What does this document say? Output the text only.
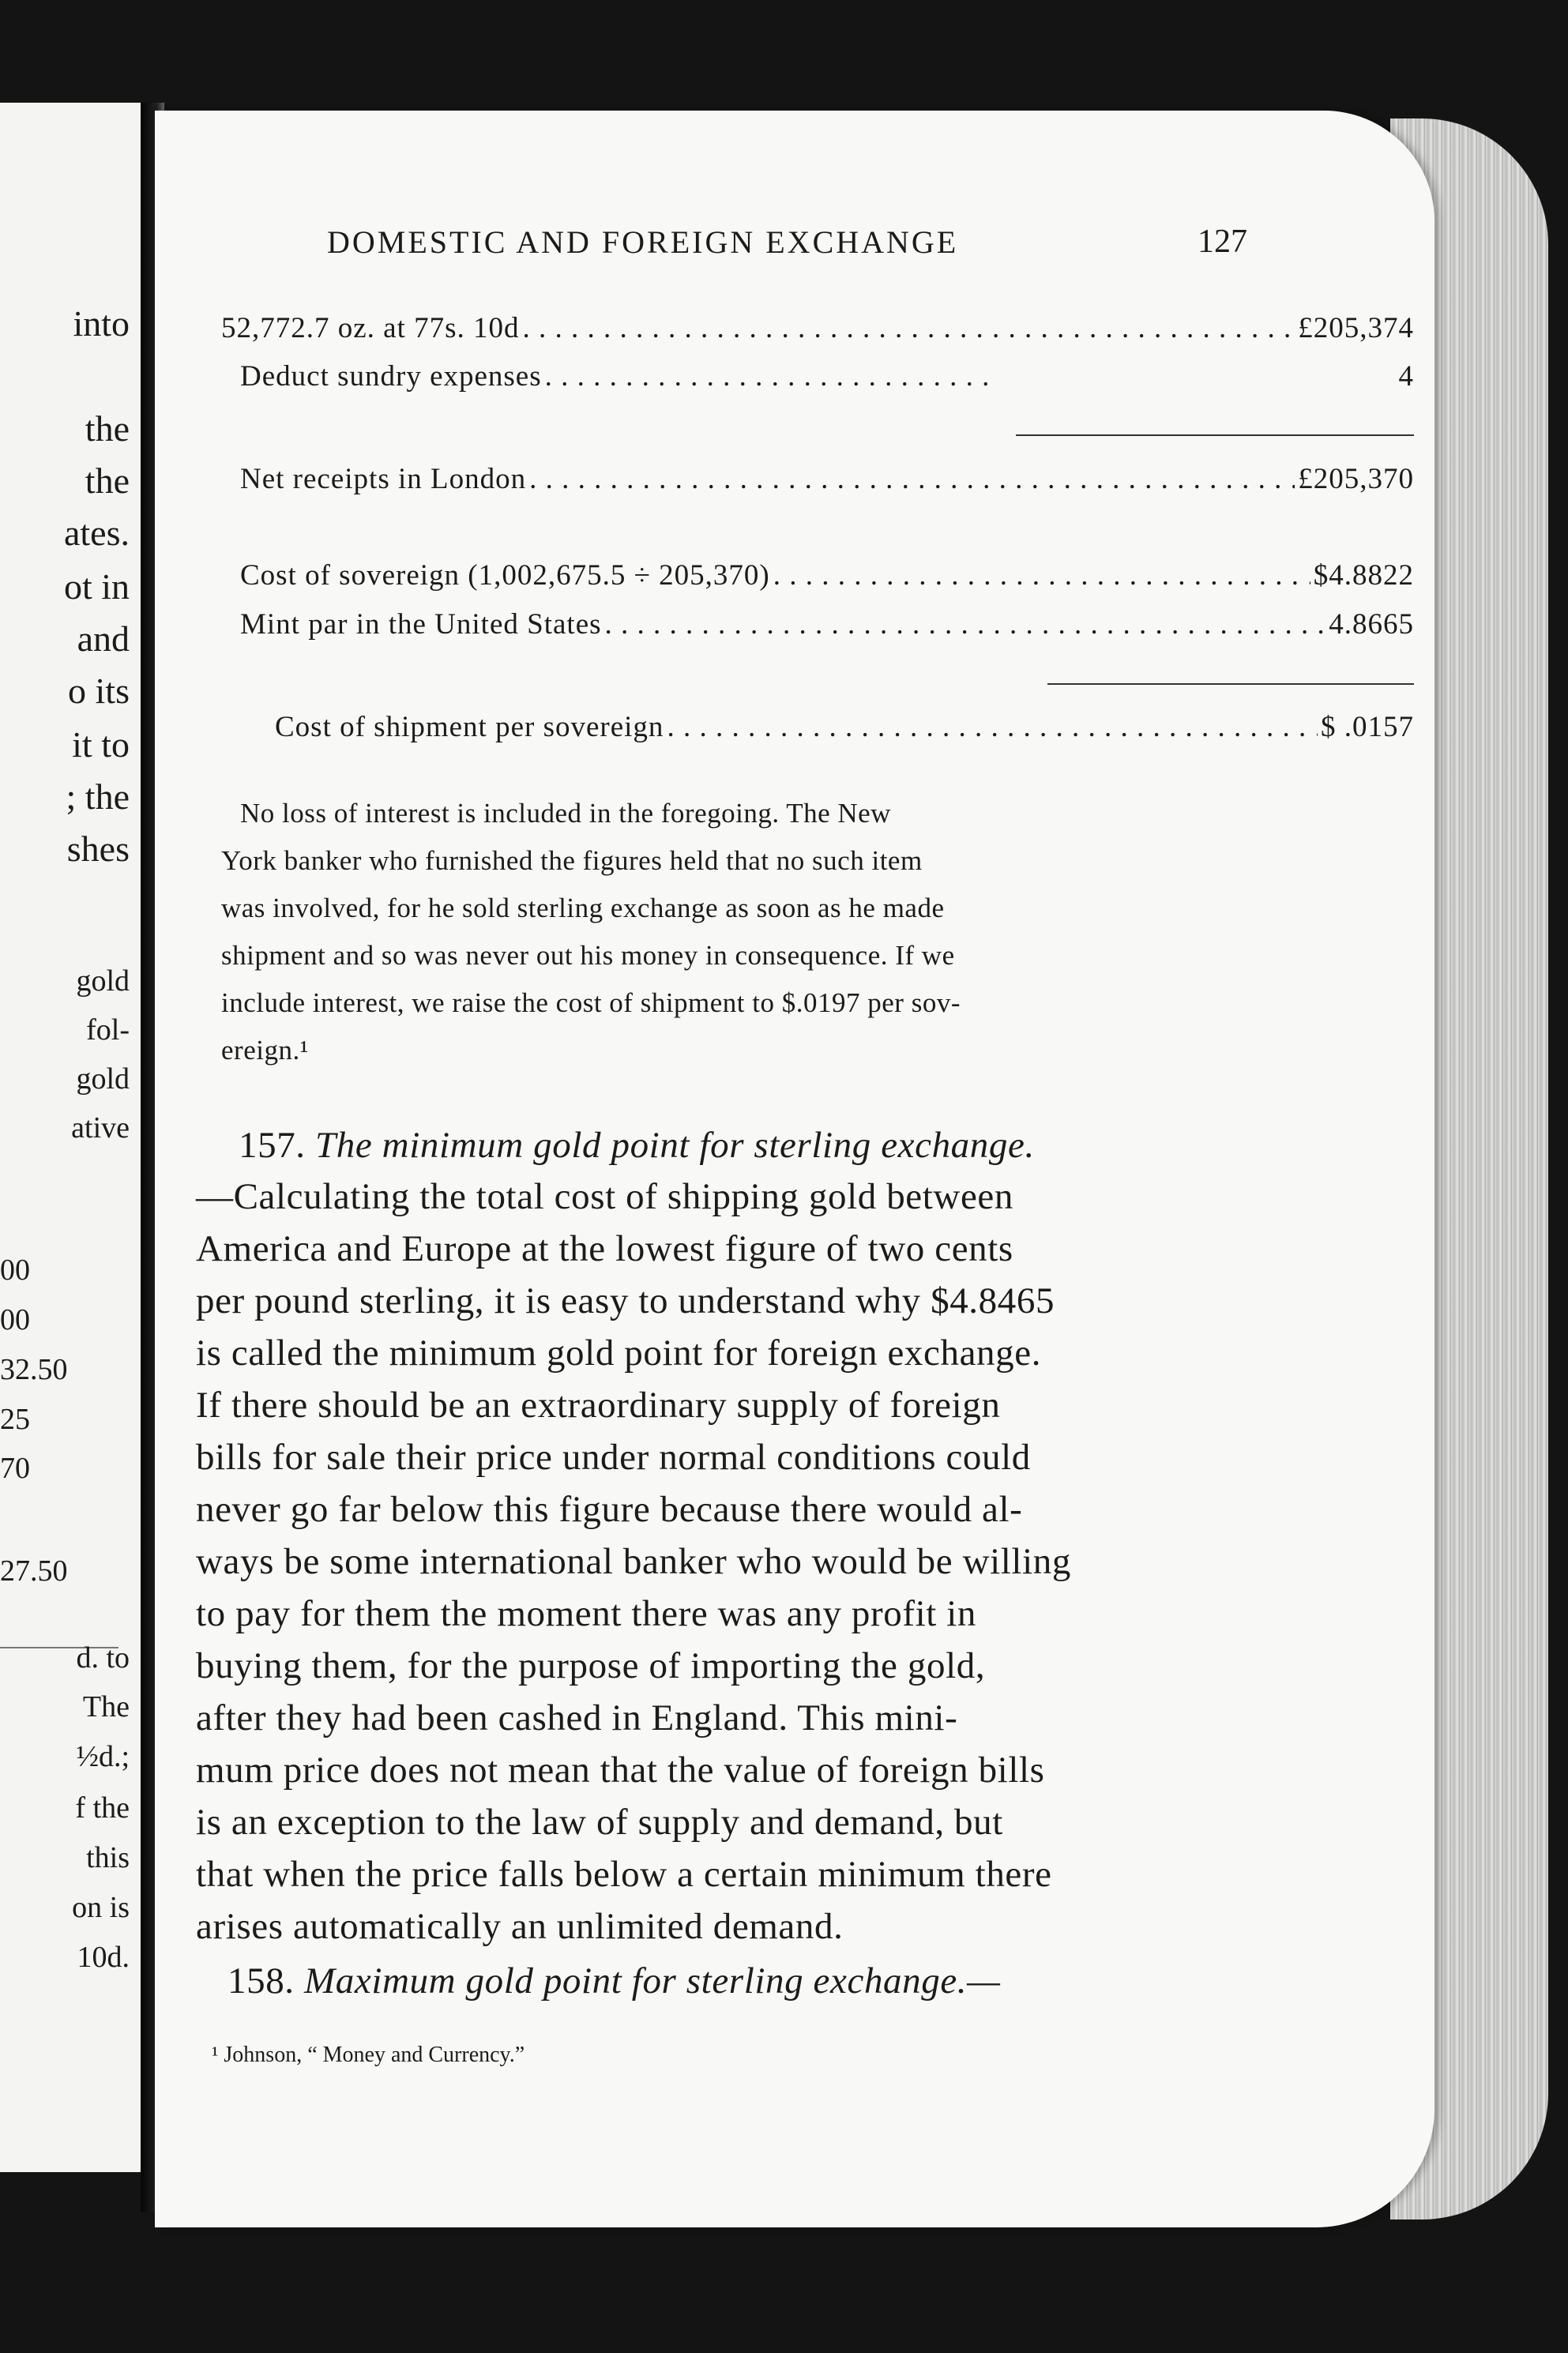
into
the
the
ates.
ot in
and
o its
it to
; the
shes
gold
fol-
gold
ative
00
00
32.50
25
70
27.50
d. to
The
½d.;
f the
this
on is
10d.
DOMESTIC AND FOREIGN EXCHANGE	127
52,772.7 oz. at 77s. 10d . . .	£205,374
Deduct sundry expenses . . .	4
Net receipts in London . . .	£205,370
Cost of sovereign (1,002,675.5 ÷ 205,370) . . .	$4.8822
Mint par in the United States . . .	4.8665
Cost of shipment per sovereign . . .	$ .0157
No loss of interest is included in the foregoing. The New
York banker who furnished the figures held that no such item
was involved, for he sold sterling exchange as soon as he made
shipment and so was never out his money in consequence. If we
include interest, we raise the cost of shipment to $.0197 per sov-
ereign.¹
157. The minimum gold point for sterling exchange.
—Calculating the total cost of shipping gold between
America and Europe at the lowest figure of two cents
per pound sterling, it is easy to understand why $4.8465
is called the minimum gold point for foreign exchange.
If there should be an extraordinary supply of foreign
bills for sale their price under normal conditions could
never go far below this figure because there would al-
ways be some international banker who would be willing
to pay for them the moment there was any profit in
buying them, for the purpose of importing the gold,
after they had been cashed in England. This mini-
mum price does not mean that the value of foreign bills
is an exception to the law of supply and demand, but
that when the price falls below a certain minimum there
arises automatically an unlimited demand.
158. Maximum gold point for sterling exchange.—
¹ Johnson, “ Money and Currency.”
